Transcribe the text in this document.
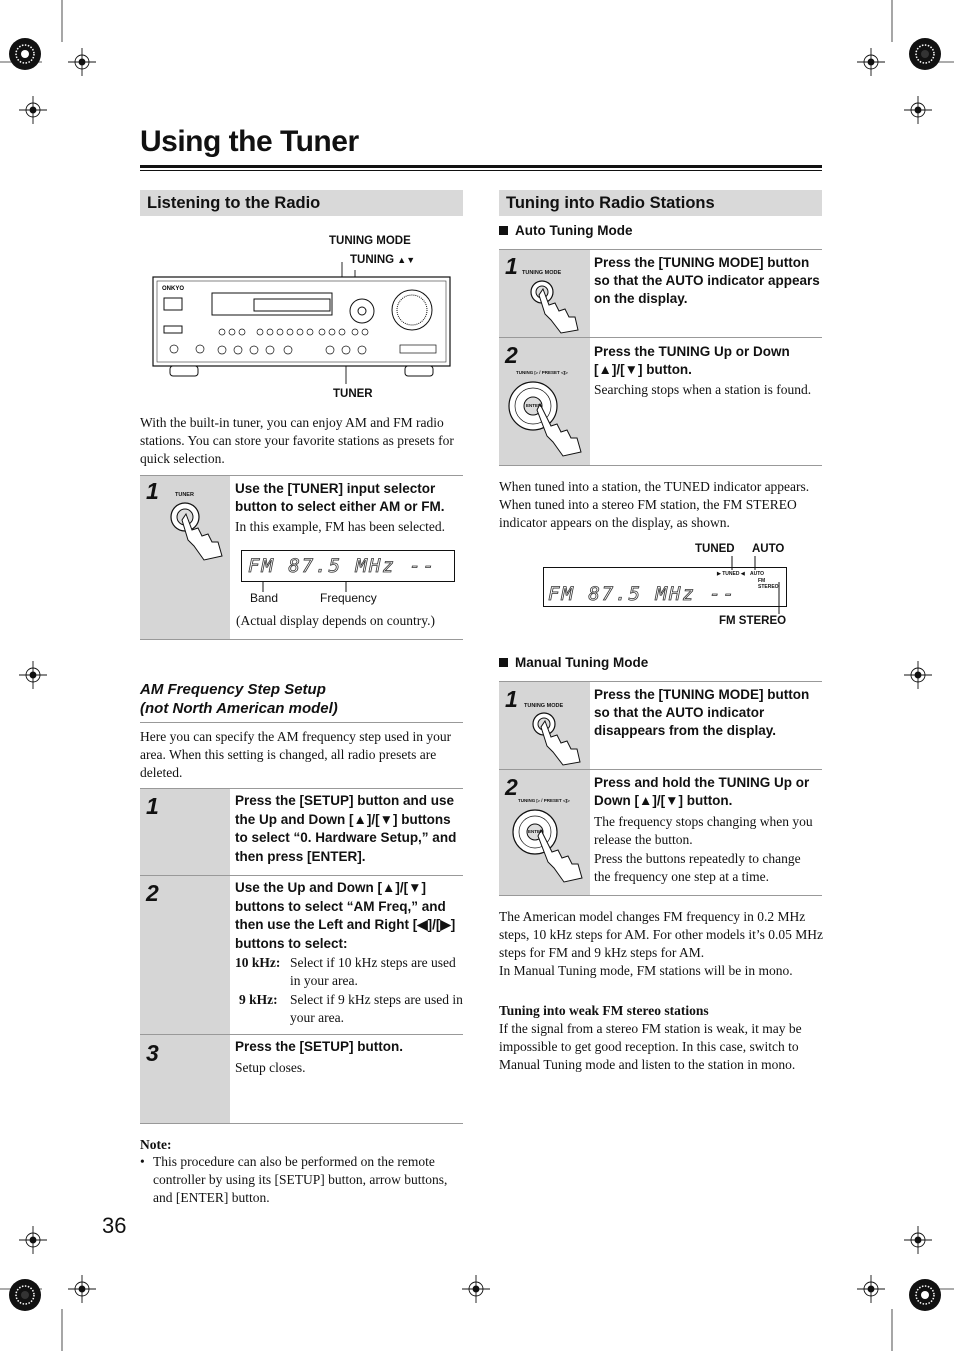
Using the Tuner
Listening to the Radio
TUNING MODE
TUNING ▲▼
TUNER
ONKYO
With the built-in tuner, you can enjoy AM and FM radio stations. You can store your favorite stations as presets for quick selection.
1	TUNER	Use the [TUNER] input selector button to select either AM or FM.
In this example, FM has been selected.
FM 87.5 MHz --
Band	Frequency
(Actual display depends on country.)
AM Frequency Step Setup
(not North American model)
Here you can specify the AM frequency step used in your area. When this setting is changed, all radio presets are deleted.
1	Press the [SETUP] button and use the Up and Down [▲]/[▼] buttons to select “0. Hardware Setup,” and then press [ENTER].
2	Use the Up and Down [▲]/[▼] buttons to select “AM Freq,” and then use the Left and Right [◀]/[▶] buttons to select:
10 kHz: Select if 10 kHz steps are used in your area.
9 kHz: Select if 9 kHz steps are used in your area.
3	Press the [SETUP] button.
Setup closes.
Note:
• This procedure can also be performed on the remote controller by using its [SETUP] button, arrow buttons, and [ENTER] button.
36
Tuning into Radio Stations
Auto Tuning Mode
1 TUNING MODE
Press the [TUNING MODE] button so that the AUTO indicator appears on the display.
2
TUNING ▷ / PRESET ◁▷
ENTER
Press the TUNING Up or Down [▲]/[▼] button.
Searching stops when a station is found.
When tuned into a station, the TUNED indicator appears. When tuned into a stereo FM station, the FM STEREO indicator appears on the display, as shown.
TUNED AUTO
▶ TUNED ◀ AUTO
FM STEREO
FM 87.5 MHz --
FM STEREO
Manual Tuning Mode
1 TUNING MODE
Press the [TUNING MODE] button so that the AUTO indicator disappears from the display.
2
TUNING ▷ / PRESET ◁▷
ENTER
Press and hold the TUNING Up or Down [▲]/[▼] button.
The frequency stops changing when you release the button.
Press the buttons repeatedly to change the frequency one step at a time.
The American model changes FM frequency in 0.2 MHz steps, 10 kHz steps for AM. For other models it’s 0.05 MHz steps for FM and 9 kHz steps for AM.
In Manual Tuning mode, FM stations will be in mono.
Tuning into weak FM stereo stations
If the signal from a stereo FM station is weak, it may be impossible to get good reception. In this case, switch to Manual Tuning mode and listen to the station in mono.
